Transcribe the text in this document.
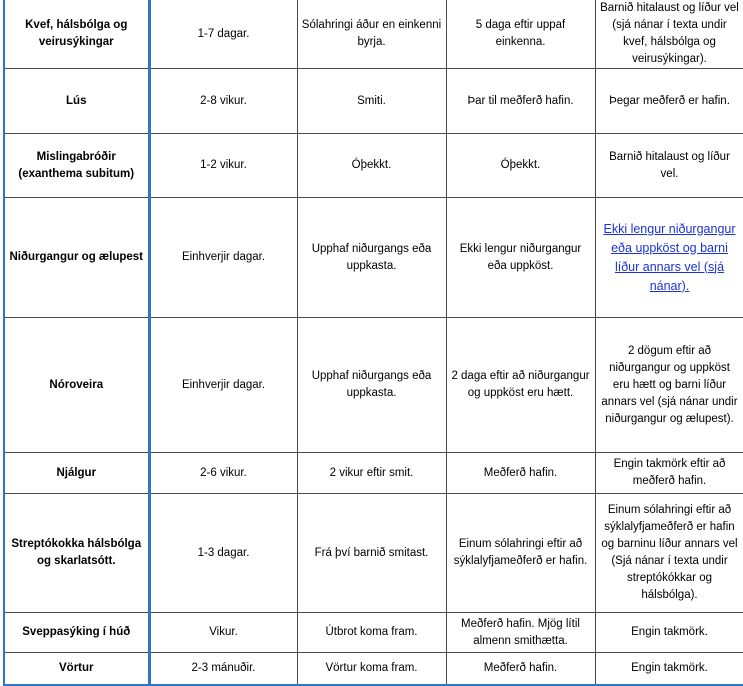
Kvef, hálsbólga og veirusýkingar	1-7 dagar.	Sólahringi áður en einkenni byrja.	5 daga eftir uppaf einkenna.	Barnið hitalaust og líður vel (sjá nánar í texta undir kvef, hálsbólga og veirusýkingar).
Lús	2-8 vikur.	Smiti.	Þar til meðferð hafin.	Þegar meðferð er hafin.
Mislingabróðir (exanthema subitum)	1-2 vikur.	Óþekkt.	Óþekkt.	Barnið hitalaust og líður vel.
Niðurgangur og ælupest	Einhverjir dagar.	Upphaf niðurgangs eða uppkasta.	Ekki lengur niðurgangur eða uppköst.	Ekki lengur niðurgangur eða uppköst og barni líður annars vel (sjá nánar).
Nóroveira	Einhverjir dagar.	Upphaf niðurgangs eða uppkasta.	2 daga eftir að niðurgangur og uppköst eru hætt.	2 dögum eftir að niðurgangur og uppköst eru hætt og barni líður annars vel (sjá nánar undir niðurgangur og ælupest).
Njálgur	2-6 vikur.	2 vikur eftir smit.	Meðferð hafin.	Engin takmörk eftir að meðferð hafin.
Streptókokka hálsbólga og skarlatsótt.	1-3 dagar.	Frá því barnið smitast.	Einum sólahringi eftir að sýklalyfjameðferð er hafin.	Einum sólahringi eftir að sýklalyfjameðferð er hafin og barninu líður annars vel (Sjá nánar í texta undir streptókókkar og hálsbólga).
Sveppasýking í húð	Vikur.	Útbrot koma fram.	Meðferð hafin. Mjög lítil almenn smithætta.	Engin takmörk.
Vörtur	2-3 mánuðir.	Vörtur koma fram.	Meðferð hafin.	Engin takmörk.
